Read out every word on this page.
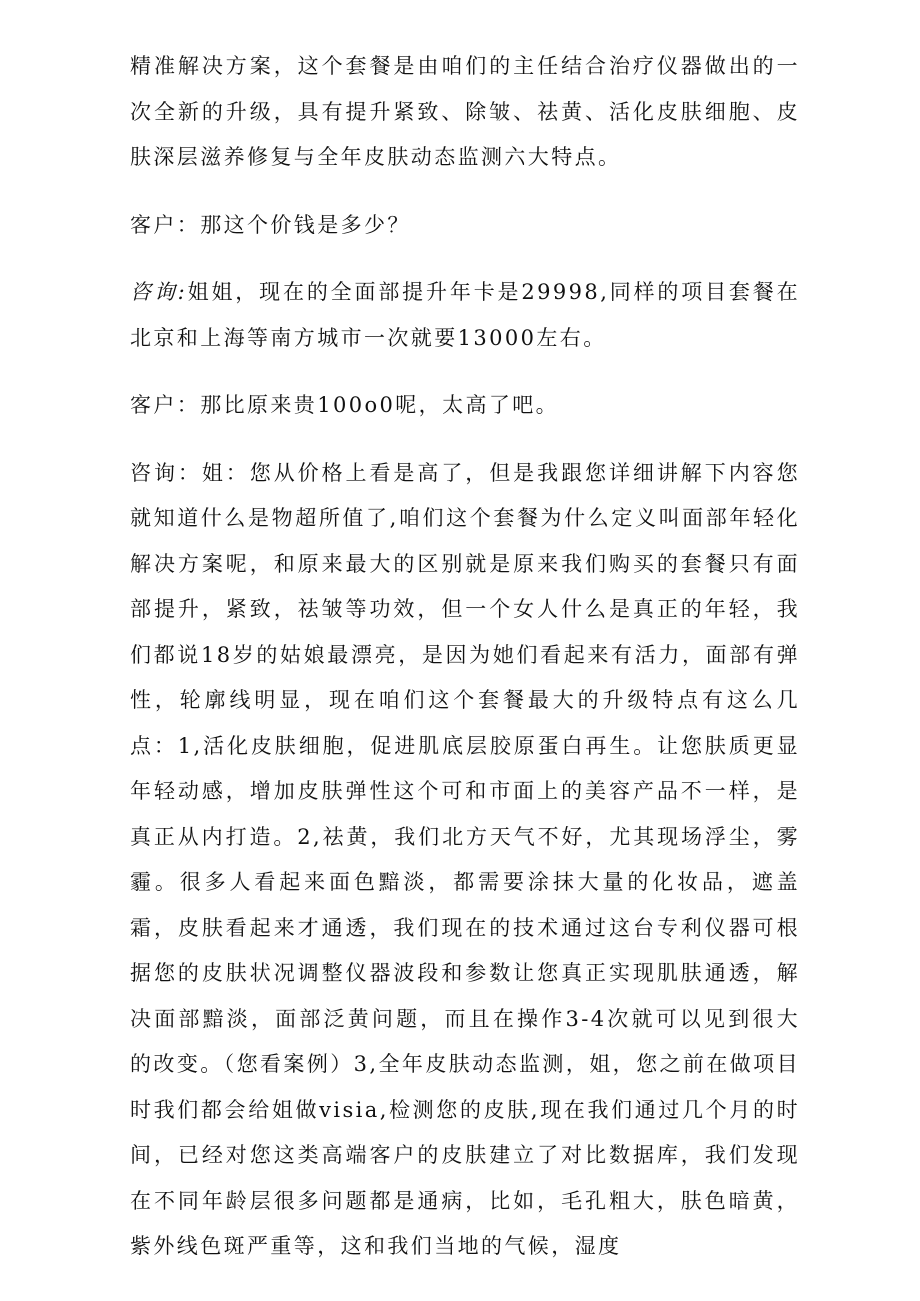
精准解决方案，这个套餐是由咱们的主任结合治疗仪器做出的一次全新的升级，具有提升紧致、除皱、祛黄、活化皮肤细胞、皮肤深层滋养修复与全年皮肤动态监测六大特点。

客户：那这个价钱是多少？

咨询:姐姐，现在的全面部提升年卡是29998,同样的项目套餐在北京和上海等南方城市一次就要13000左右。

客户：那比原来贵100o0呢，太高了吧。

咨询：姐：您从价格上看是高了，但是我跟您详细讲解下内容您就知道什么是物超所值了,咱们这个套餐为什么定义叫面部年轻化解决方案呢，和原来最大的区别就是原来我们购买的套餐只有面部提升，紧致，祛皱等功效，但一个女人什么是真正的年轻，我们都说18岁的姑娘最漂亮，是因为她们看起来有活力，面部有弹性，轮廓线明显，现在咱们这个套餐最大的升级特点有这么几点：1,活化皮肤细胞，促进肌底层胶原蛋白再生。让您肤质更显年轻动感，增加皮肤弹性这个可和市面上的美容产品不一样，是真正从内打造。2,祛黄，我们北方天气不好，尤其现场浮尘，雾霾。很多人看起来面色黯淡，都需要涂抹大量的化妆品，遮盖霜，皮肤看起来才通透，我们现在的技术通过这台专利仪器可根据您的皮肤状况调整仪器波段和参数让您真正实现肌肤通透，解决面部黯淡，面部泛黄问题，而且在操作3-4次就可以见到很大的改变。（您看案例）3,全年皮肤动态监测，姐，您之前在做项目时我们都会给姐做visia,检测您的皮肤,现在我们通过几个月的时间，已经对您这类高端客户的皮肤建立了对比数据库，我们发现在不同年龄层很多问题都是通病，比如，毛孔粗大，肤色暗黄，紫外线色斑严重等，这和我们当地的气候，湿度
